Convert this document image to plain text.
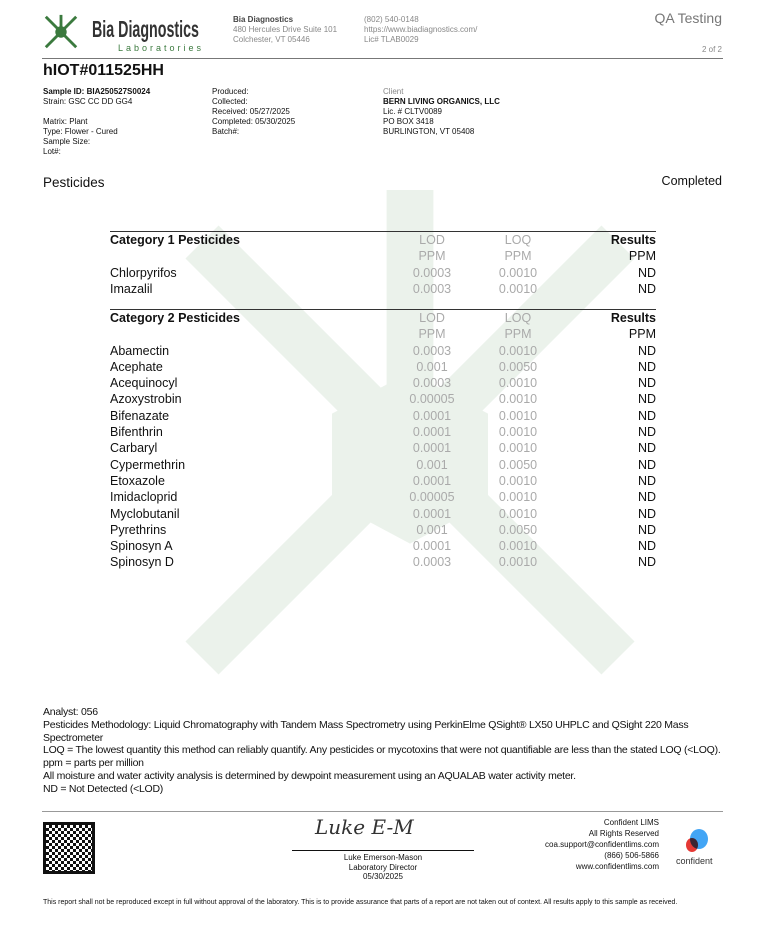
Bia Diagnostics
Laboratories
Bia Diagnostics
480 Hercules Drive Suite 101
Colchester, VT 05446
(802) 540-0148
https://www.biadiagnostics.com/
Lic# TLAB0029
QA Testing
2 of 2
hIOT#011525HH
Sample ID: BIA250527S0024
Strain: GSC CC DD GG4
Matrix: Plant
Type: Flower - Cured
Sample Size:
Lot#:
Produced:
Collected:
Received: 05/27/2025
Completed: 05/30/2025
Batch#:
Client
BERN LIVING ORGANICS, LLC
Lic. # CLTV0089
PO BOX 3418
BURLINGTON, VT 05408
Pesticides	Completed
Category 1 Pesticides	LOD	LOQ	Results
	PPM	PPM	PPM
Chlorpyrifos	0.0003	0.0010	ND
Imazalil	0.0003	0.0010	ND
Category 2 Pesticides	LOD	LOQ	Results
	PPM	PPM	PPM
Abamectin	0.0003	0.0010	ND
Acephate	0.001	0.0050	ND
Acequinocyl	0.0003	0.0010	ND
Azoxystrobin	0.00005	0.0010	ND
Bifenazate	0.0001	0.0010	ND
Bifenthrin	0.0001	0.0010	ND
Carbaryl	0.0001	0.0010	ND
Cypermethrin	0.001	0.0050	ND
Etoxazole	0.0001	0.0010	ND
Imidacloprid	0.00005	0.0010	ND
Myclobutanil	0.0001	0.0010	ND
Pyrethrins	0.001	0.0050	ND
Spinosyn A	0.0001	0.0010	ND
Spinosyn D	0.0003	0.0010	ND
Analyst: 056
Pesticides Methodology: Liquid Chromatography with Tandem Mass Spectrometry using PerkinElme QSight® LX50 UHPLC and QSight 220 Mass Spectrometer
LOQ = The lowest quantity this method can reliably quantify. Any pesticides or mycotoxins that were not quantifiable are less than the stated LOQ (<LOQ).
ppm = parts per million
All moisture and water activity analysis is determined by dewpoint measurement using an AQUALAB water activity meter.
ND = Not Detected (<LOD)
Luke E-M
Luke Emerson-Mason
Laboratory Director
05/30/2025
Confident LIMS
All Rights Reserved
coa.support@confidentlims.com
(866) 506-5866
www.confidentlims.com
confident
This report shall not be reproduced except in full without approval of the laboratory. This is to provide assurance that parts of a report are not taken out of context. All results apply to this sample as received.
